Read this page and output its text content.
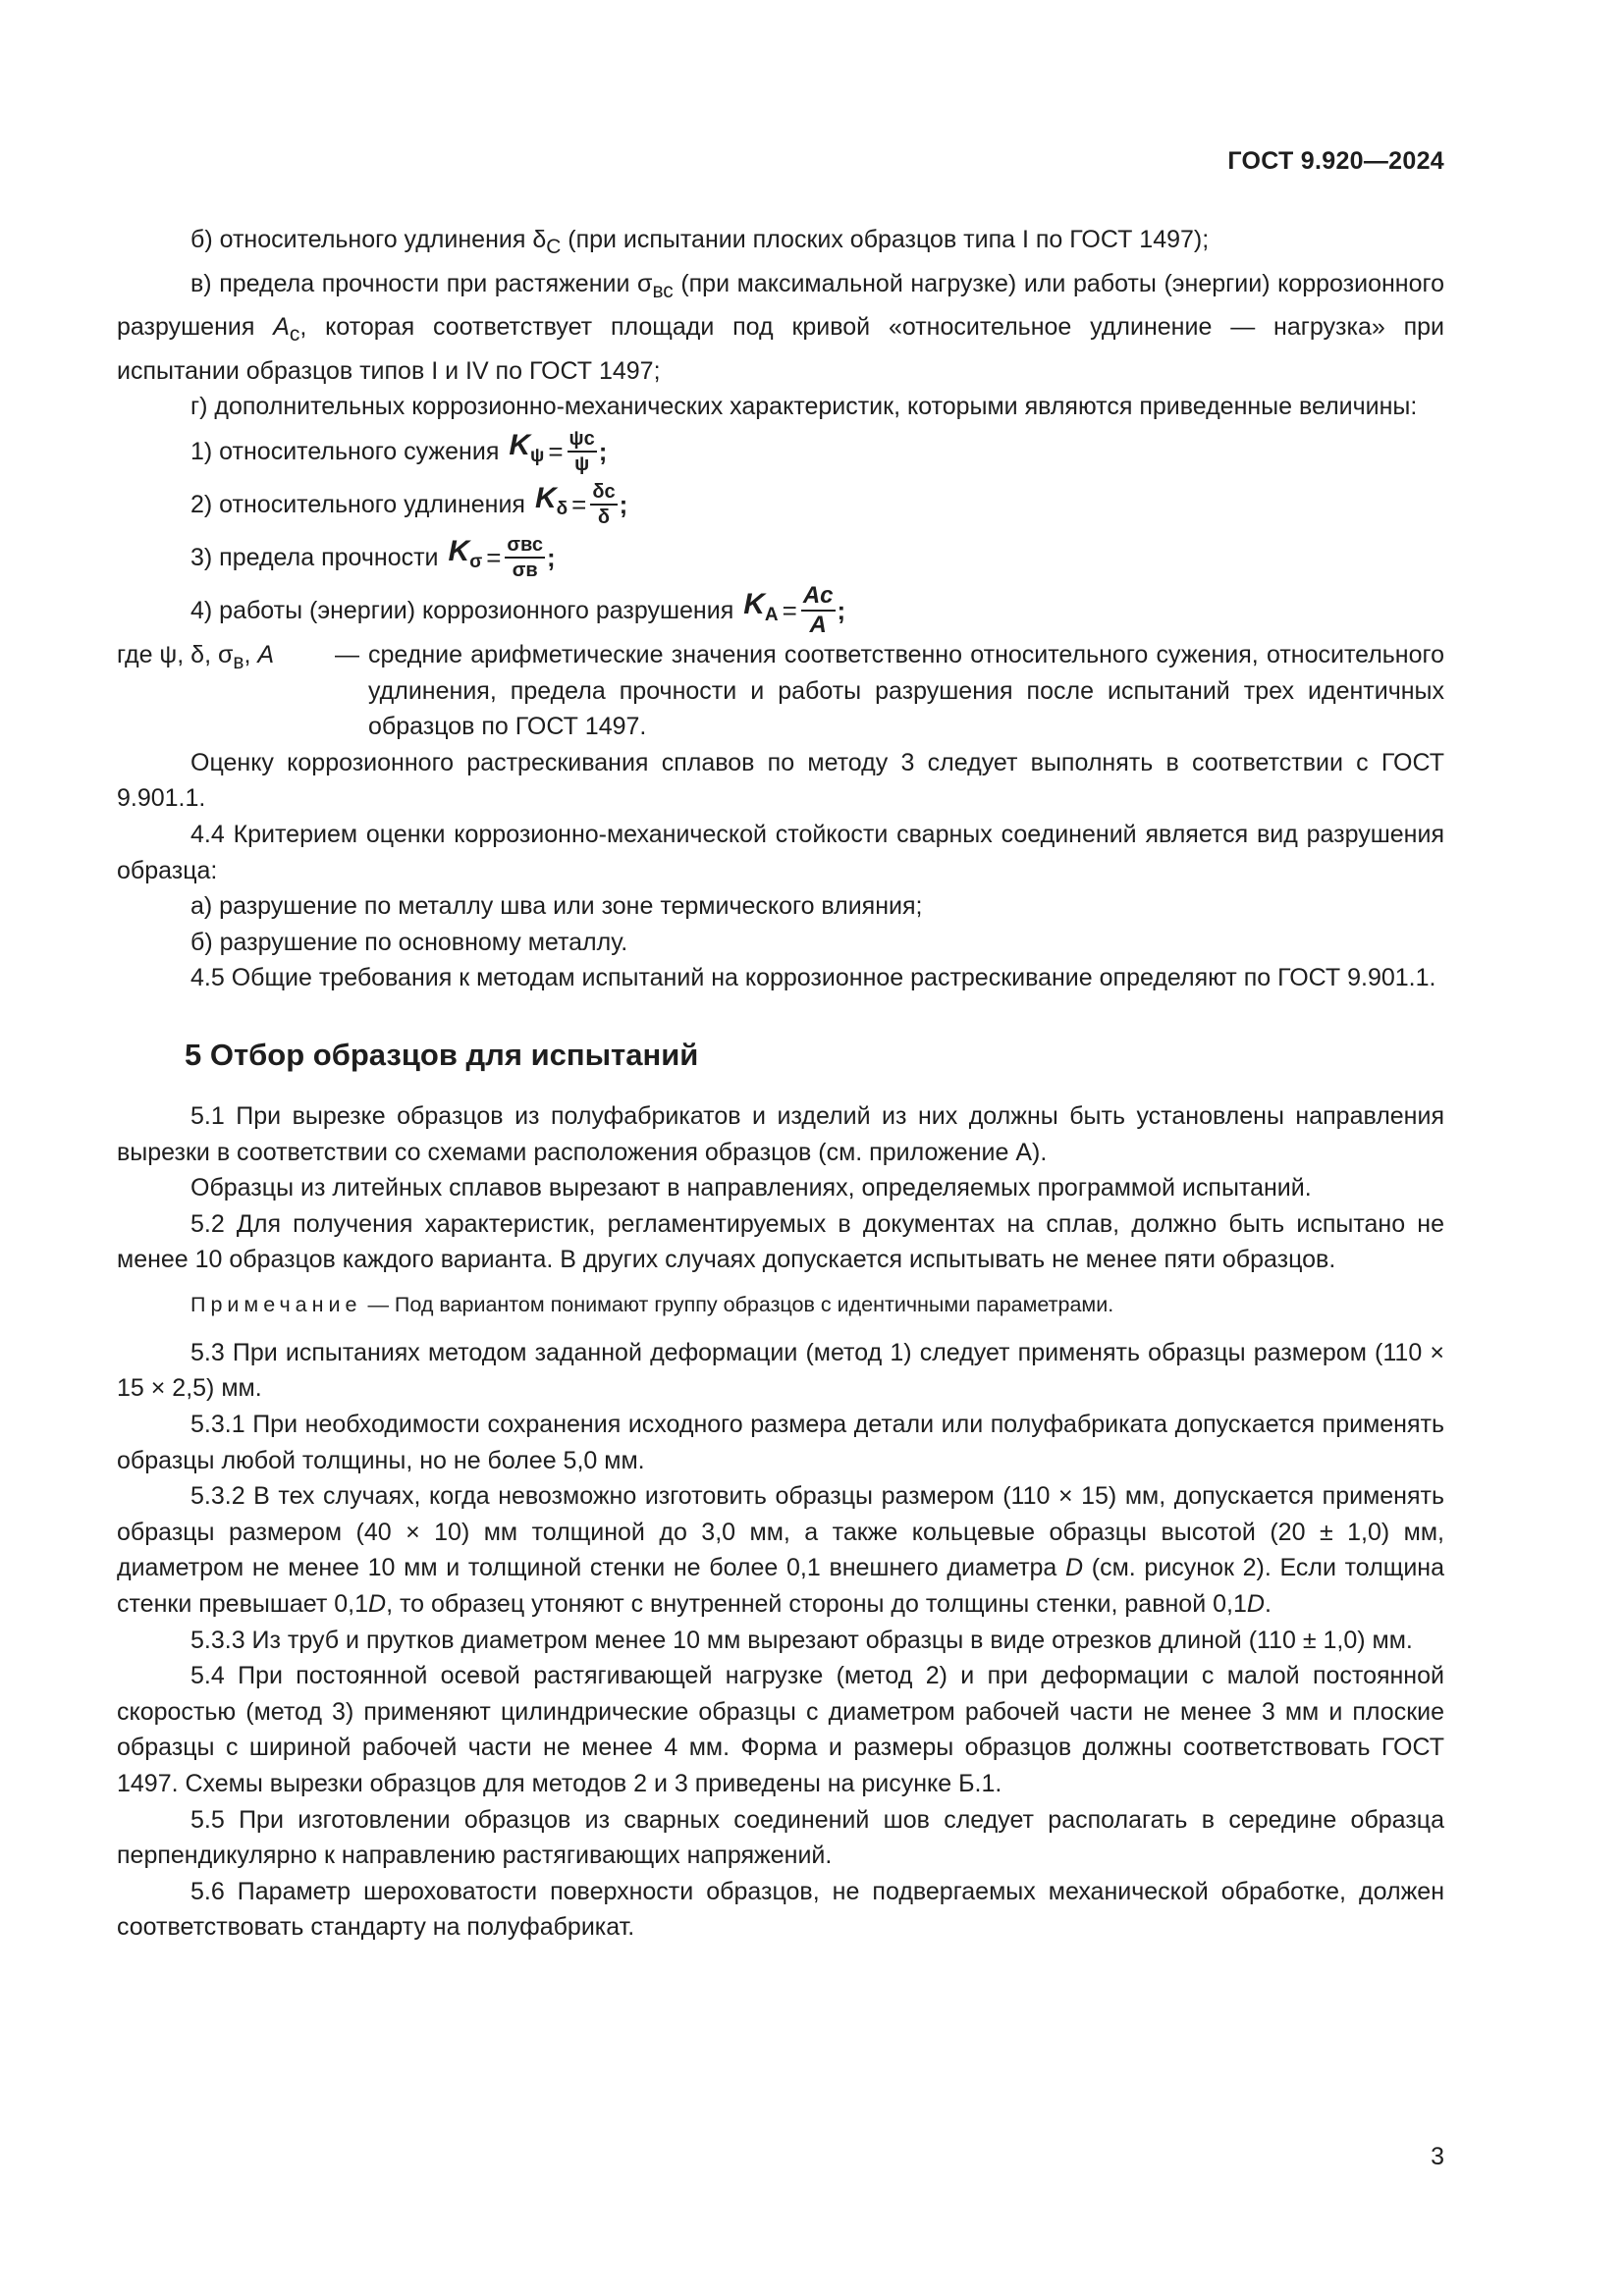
ГОСТ 9.920—2024

б) относительного удлинения $\delta_С$ (при испытании плоских образцов типа I по ГОСТ 1497);

в) предела прочности при растяжении $\sigma_{вс}$ (при максимальной нагрузке) или работы (энергии) коррозионного разрушения $A_с$, которая соответствует площади под кривой «относительное удлинение — нагрузка» при испытании образцов типов I и IV по ГОСТ 1497;

г) дополнительных коррозионно-механических характеристик, которыми являются приведенные величины:

1) относительного сужения $K_\psi = \frac{\psi c}{\psi}$ ;
2) относительного удлинения $K_\delta = \frac{\delta c}{\delta}$ ;
3) предела прочности $K_\sigma = \frac{\text{σвс}}{\sigma в}$ ;
4) работы (энергии) коррозионного разрушения $K_A = \frac{Ac}{A}$ ;
где ψ, δ, $\sigma_в$, A	— средние арифметические значения соответственно относительного сужения, относительного удлинения, предела прочности и работы разрушения после испытаний трех идентичных образцов по ГОСТ 1497.

Оценку коррозионного растрескивания сплавов по методу 3 следует выполнять в соответствии с ГОСТ 9.901.1.

4.4 Критерием оценки коррозионно-механической стойкости сварных соединений является вид разрушения образца:

а) разрушение по металлу шва или зоне термического влияния;

б) разрушение по основному металлу.

4.5 Общие требования к методам испытаний на коррозионное растрескивание определяют по ГОСТ 9.901.1.

5 Отбор образцов для испытаний

5.1 При вырезке образцов из полуфабрикатов и изделий из них должны быть установлены направления вырезки в соответствии со схемами расположения образцов (см. приложение А).

Образцы из литейных сплавов вырезают в направлениях, определяемых программой испытаний.

5.2 Для получения характеристик, регламентируемых в документах на сплав, должно быть испытано не менее 10 образцов каждого варианта. В других случаях допускается испытывать не менее пяти образцов.

Примечание — Под вариантом понимают группу образцов с идентичными параметрами.

5.3 При испытаниях методом заданной деформации (метод 1) следует применять образцы размером (110 × 15 × 2,5) мм.

5.3.1 При необходимости сохранения исходного размера детали или полуфабриката допускается применять образцы любой толщины, но не более 5,0 мм.

5.3.2 В тех случаях, когда невозможно изготовить образцы размером (110 × 15) мм, допускается применять образцы размером (40 × 10) мм толщиной до 3,0 мм, а также кольцевые образцы высотой (20 ± 1,0) мм, диаметром не менее 10 мм и толщиной стенки не более 0,1 внешнего диаметра D (см. рисунок 2). Если толщина стенки превышает 0,1D, то образец утоняют с внутренней стороны до толщины стенки, равной 0,1D.

5.3.3 Из труб и прутков диаметром менее 10 мм вырезают образцы в виде отрезков длиной (110 ± 1,0) мм.

5.4 При постоянной осевой растягивающей нагрузке (метод 2) и при деформации с малой постоянной скоростью (метод 3) применяют цилиндрические образцы с диаметром рабочей части не менее 3 мм и плоские образцы с шириной рабочей части не менее 4 мм. Форма и размеры образцов должны соответствовать ГОСТ 1497. Схемы вырезки образцов для методов 2 и 3 приведены на рисунке Б.1.

5.5 При изготовлении образцов из сварных соединений шов следует располагать в середине образца перпендикулярно к направлению растягивающих напряжений.

5.6 Параметр шероховатости поверхности образцов, не подвергаемых механической обработке, должен соответствовать стандарту на полуфабрикат.

3
